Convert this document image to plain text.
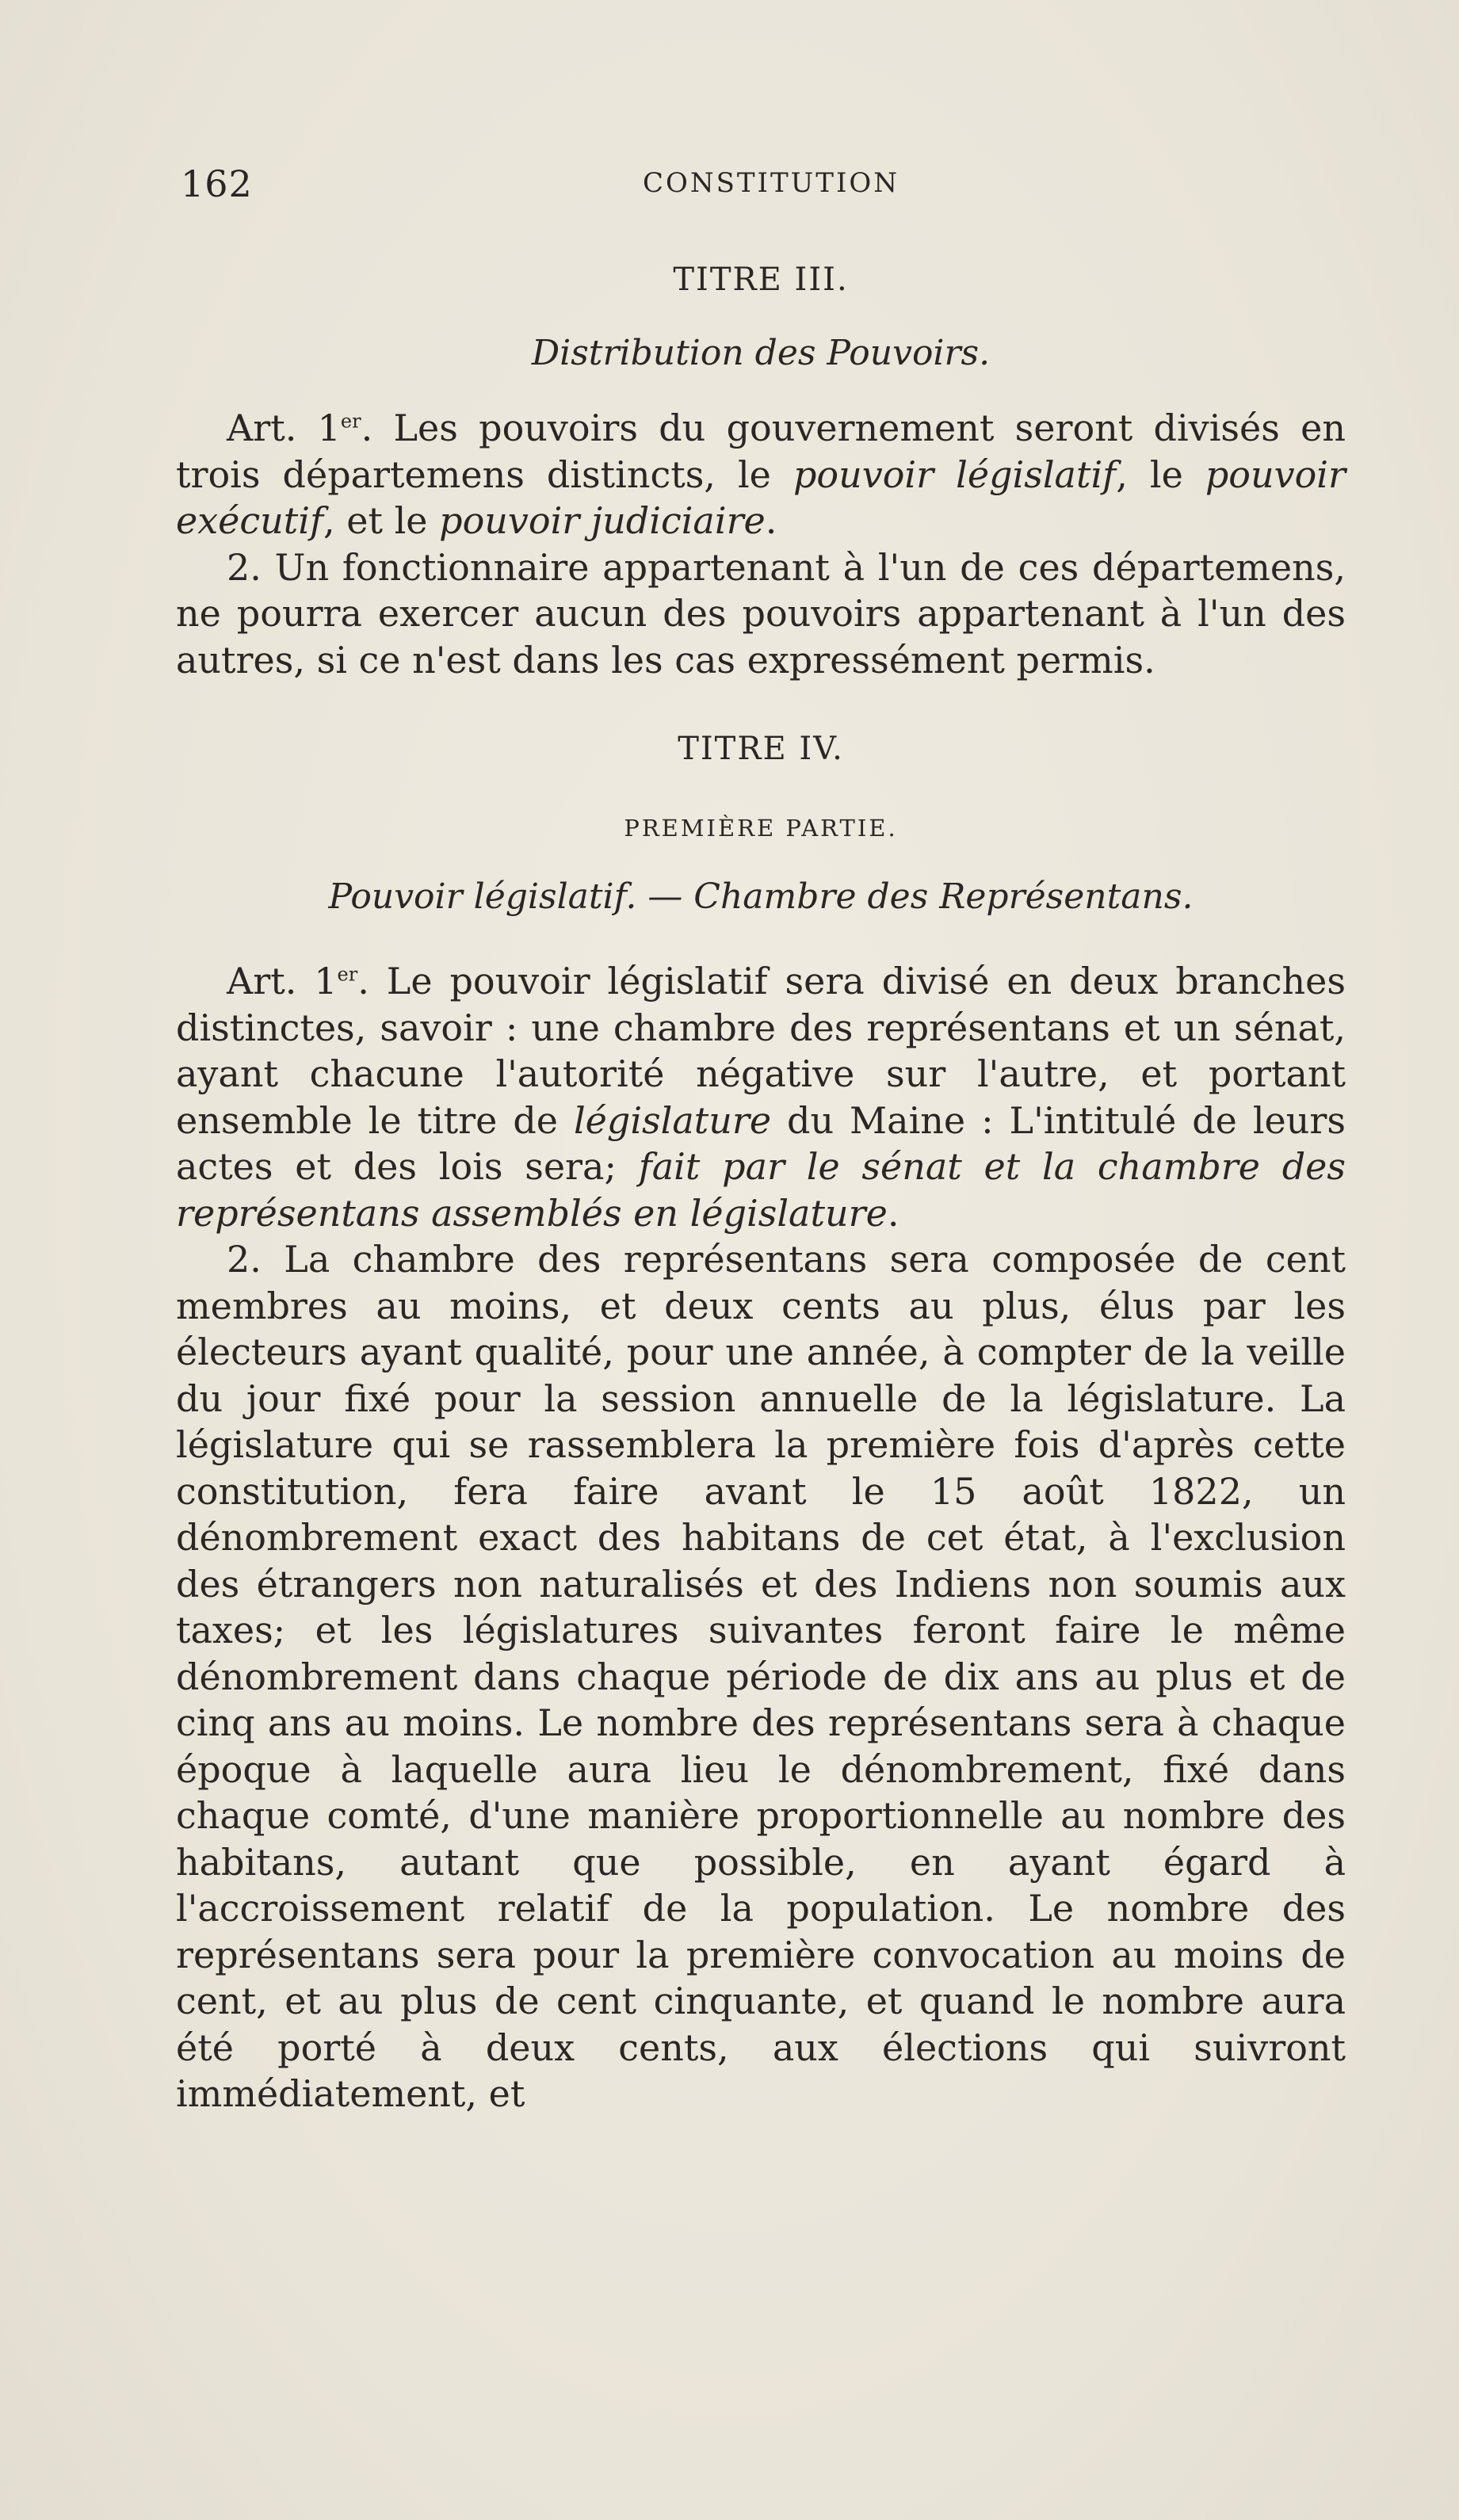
162	CONSTITUTION

TITRE III.

Distribution des Pouvoirs.

Art. 1er. Les pouvoirs du gouvernement seront divisés en trois départemens distincts, le pouvoir législatif, le pouvoir exécutif, et le pouvoir judiciaire.

2. Un fonctionnaire appartenant à l'un de ces départemens, ne pourra exercer aucun des pouvoirs appartenant à l'un des autres, si ce n'est dans les cas expressément permis.

TITRE IV.

PREMIÈRE PARTIE.

Pouvoir législatif. — Chambre des Représentans.

Art. 1er. Le pouvoir législatif sera divisé en deux branches distinctes, savoir : une chambre des représentans et un sénat, ayant chacune l'autorité négative sur l'autre, et portant ensemble le titre de législature du Maine : L'intitulé de leurs actes et des lois sera; fait par le sénat et la chambre des représentans assemblés en législature.

2. La chambre des représentans sera composée de cent membres au moins, et deux cents au plus, élus par les électeurs ayant qualité, pour une année, à compter de la veille du jour fixé pour la session annuelle de la législature. La législature qui se rassemblera la première fois d'après cette constitution, fera faire avant le 15 août 1822, un dénombrement exact des habitans de cet état, à l'exclusion des étrangers non naturalisés et des Indiens non soumis aux taxes; et les législatures suivantes feront faire le même dénombrement dans chaque période de dix ans au plus et de cinq ans au moins. Le nombre des représentans sera à chaque époque à laquelle aura lieu le dénombrement, fixé dans chaque comté, d'une manière proportionnelle au nombre des habitans, autant que possible, en ayant égard à l'accroissement relatif de la population. Le nombre des représentans sera pour la première convocation au moins de cent, et au plus de cent cinquante, et quand le nombre aura été porté à deux cents, aux élections qui suivront immédiatement, et
